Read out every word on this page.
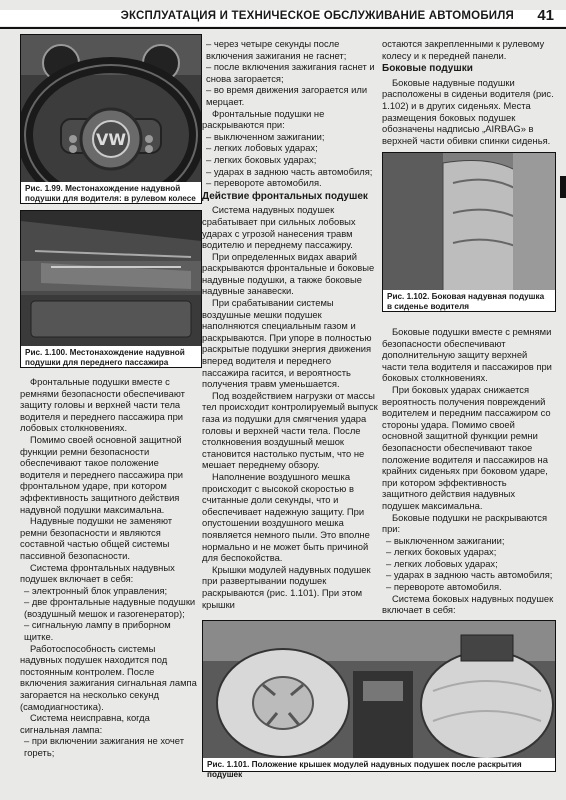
ЭКСПЛУАТАЦИЯ И ТЕХНИЧЕСКОЕ ОБСЛУЖИВАНИЕ АВТОМОБИЛЯ 41
VW
Рис. 1.99. Местонахождение надувной подушки для водителя: в рулевом колесе
Рис. 1.100. Местонахождение надувной подушки для переднего пассажира

Фронтальные подушки вместе с ремнями безопасности обеспечивают защиту головы и верхней части тела водителя и переднего пассажира при лобовых столкновениях.

Помимо своей основной защитной функции ремни безопасности обеспечивают такое положение водителя и переднего пассажира при фронтальном ударе, при котором эффективность защитного действия надувной подушки максимальна.

Надувные подушки не заменяют ремни безопасности и являются составной частью общей системы пассивной безопасности.

Система фронтальных надувных подушек включает в себя:

– электронный блок управления;

– две фронтальные надувные подушки (воздушный мешок и газогенератор);

– сигнальную лампу в приборном щитке.

Работоспособность системы надувных подушек находится под постоянным контролем. После включения зажигания сигнальная лампа загорается на несколько секунд (самодиагностика).

Система неисправна, когда сигнальная лампа:

– при включении зажигания не хочет гореть;

– через четыре секунды после включения зажигания не гаснет;

– после включения зажигания гаснет и снова загорается;

– во время движения загорается или мерцает.

Фронтальные подушки не раскрываются при:

– выключенном зажигании;

– легких лобовых ударах;

– легких боковых ударах;

– ударах в заднюю часть автомобиля;

– перевороте автомобиля.

Действие фронтальных подушек

Система надувных подушек срабатывает при сильных лобовых ударах с угрозой нанесения травм водителю и переднему пассажиру.

При определенных видах аварий раскрываются фронтальные и боковые надувные подушки, а также боковые надувные занавески.

При срабатывании системы воздушные мешки подушек наполняются специальным газом и раскрываются. При упоре в полностью раскрытые подушки энергия движения вперед водителя и переднего пассажира гасится, и вероятность получения травм уменьшается.

Под воздействием нагрузки от массы тел происходит контролируемый выпуск газа из подушки для смягчения удара головы и верхней части тела. После столкновения воздушный мешок становится настолько пустым, что не мешает переднему обзору.

Наполнение воздушного мешка происходит с высокой скоростью в считанные доли секунды, что и обеспечивает надежную защиту. При опустошении воздушного мешка появляется немного пыли. Это вполне нормально и не может быть причиной для беспокойства.

Крышки модулей надувных подушек при развертывании подушек раскрываются (рис. 1.101). При этом крышки

остаются закрепленными к рулевому колесу и к передней панели.

Боковые подушки

Боковые надувные подушки расположены в сиденьи водителя (рис. 1.102) и в других сиденьях. Места размещения боковых подушек обозначены надписью „AIRBAG» в верхней части обивки спинки сиденья.

Рис. 1.102. Боковая надувная подушка в сиденье водителя

Боковые подушки вместе с ремнями безопасности обеспечивают дополнительную защиту верхней части тела водителя и пассажиров при боковых столкновениях.

При боковых ударах снижается вероятность получения повреждений водителем и передним пассажиром со стороны удара. Помимо своей основной защитной функции ремни безопасности обеспечивают такое положение водителя и пассажиров на крайних сиденьях при боковом ударе, при котором эффективность защитного действия надувных подушек максимальна.

Боковые подушки не раскрываются при:

– выключенном зажигании;

– легких боковых ударах;

– легких лобовых ударах;

– ударах в заднюю часть автомобиля;

– перевороте автомобиля.

Система боковых надувных подушек включает в себя:

Рис. 1.101. Положение крышек модулей надувных подушек после раскрытия подушек
